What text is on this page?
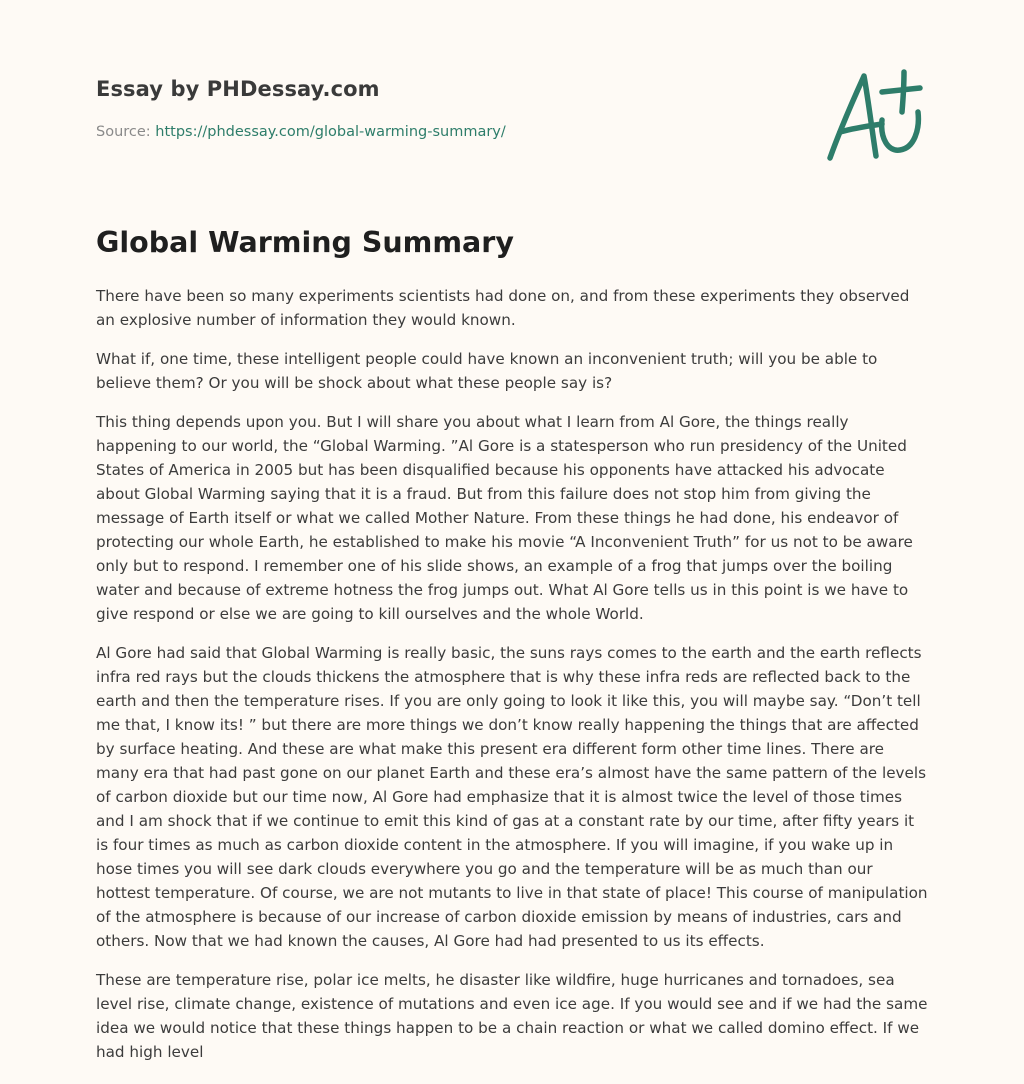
Essay by PHDessay.com
Source: https://phdessay.com/global-warming-summary/
Global Warming Summary

There have been so many experiments scientists had done on, and from these experiments they observed an explosive number of information they would known.

What if, one time, these intelligent people could have known an inconvenient truth; will you be able to believe them? Or you will be shock about what these people say is?

This thing depends upon you. But I will share you about what I learn from Al Gore, the things really happening to our world, the “Global Warming. ”Al Gore is a statesperson who run presidency of the United States of America in 2005 but has been disqualified because his opponents have attacked his advocate about Global Warming saying that it is a fraud. But from this failure does not stop him from giving the message of Earth itself or what we called Mother Nature. From these things he had done, his endeavor of protecting our whole Earth, he established to make his movie “A Inconvenient Truth” for us not to be aware only but to respond. I remember one of his slide shows, an example of a frog that jumps over the boiling water and because of extreme hotness the frog jumps out. What Al Gore tells us in this point is we have to give respond or else we are going to kill ourselves and the whole World.

Al Gore had said that Global Warming is really basic, the suns rays comes to the earth and the earth reflects infra red rays but the clouds thickens the atmosphere that is why these infra reds are reflected back to the earth and then the temperature rises. If you are only going to look it like this, you will maybe say. “Don’t tell me that, I know its! ” but there are more things we don’t know really happening the things that are affected by surface heating. And these are what make this present era different form other time lines. There are many era that had past gone on our planet Earth and these era’s almost have the same pattern of the levels of carbon dioxide but our time now, Al Gore had emphasize that it is almost twice the level of those times and I am shock that if we continue to emit this kind of gas at a constant rate by our time, after fifty years it is four times as much as carbon dioxide content in the atmosphere. If you will imagine, if you wake up in hose times you will see dark clouds everywhere you go and the temperature will be as much than our hottest temperature. Of course, we are not mutants to live in that state of place! This course of manipulation of the atmosphere is because of our increase of carbon dioxide emission by means of industries, cars and others. Now that we had known the causes, Al Gore had had presented to us its effects.

These are temperature rise, polar ice melts, he disaster like wildfire, huge hurricanes and tornadoes, sea level rise, climate change, existence of mutations and even ice age. If you would see and if we had the same idea we would notice that these things happen to be a chain reaction or what we called domino effect. If we had high level
